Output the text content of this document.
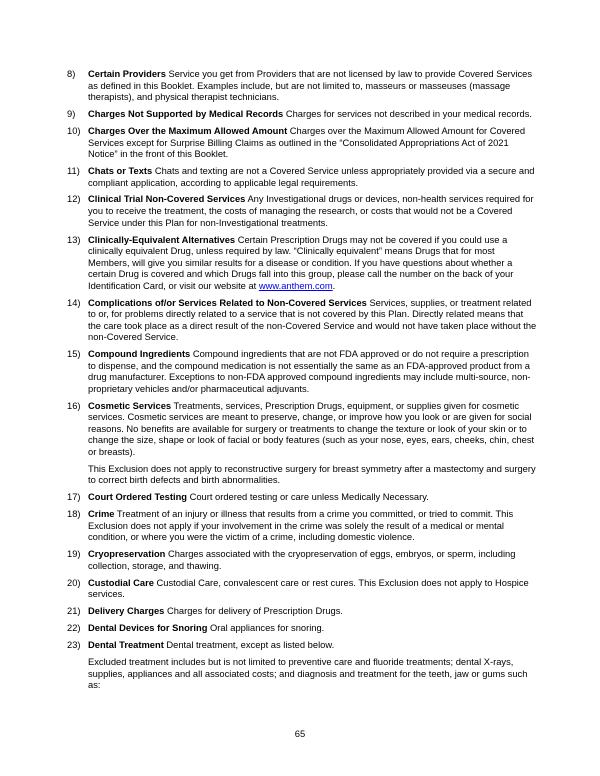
8) Certain Providers Service you get from Providers that are not licensed by law to provide Covered Services as defined in this Booklet. Examples include, but are not limited to, masseurs or masseuses (massage therapists), and physical therapist technicians.
9) Charges Not Supported by Medical Records Charges for services not described in your medical records.
10) Charges Over the Maximum Allowed Amount Charges over the Maximum Allowed Amount for Covered Services except for Surprise Billing Claims as outlined in the “Consolidated Appropriations Act of 2021 Notice” in the front of this Booklet.
11) Chats or Texts Chats and texting are not a Covered Service unless appropriately provided via a secure and compliant application, according to applicable legal requirements.
12) Clinical Trial Non-Covered Services Any Investigational drugs or devices, non-health services required for you to receive the treatment, the costs of managing the research, or costs that would not be a Covered Service under this Plan for non-Investigational treatments.
13) Clinically-Equivalent Alternatives Certain Prescription Drugs may not be covered if you could use a clinically equivalent Drug, unless required by law. “Clinically equivalent” means Drugs that for most Members, will give you similar results for a disease or condition. If you have questions about whether a certain Drug is covered and which Drugs fall into this group, please call the number on the back of your Identification Card, or visit our website at www.anthem.com.
14) Complications of/or Services Related to Non-Covered Services Services, supplies, or treatment related to or, for problems directly related to a service that is not covered by this Plan. Directly related means that the care took place as a direct result of the non-Covered Service and would not have taken place without the non-Covered Service.
15) Compound Ingredients Compound ingredients that are not FDA approved or do not require a prescription to dispense, and the compound medication is not essentially the same as an FDA-approved product from a drug manufacturer. Exceptions to non-FDA approved compound ingredients may include multi-source, non-proprietary vehicles and/or pharmaceutical adjuvants.
16) Cosmetic Services Treatments, services, Prescription Drugs, equipment, or supplies given for cosmetic services. Cosmetic services are meant to preserve, change, or improve how you look or are given for social reasons. No benefits are available for surgery or treatments to change the texture or look of your skin or to change the size, shape or look of facial or body features (such as your nose, eyes, ears, cheeks, chin, chest or breasts).
This Exclusion does not apply to reconstructive surgery for breast symmetry after a mastectomy and surgery to correct birth defects and birth abnormalities.
17) Court Ordered Testing Court ordered testing or care unless Medically Necessary.
18) Crime Treatment of an injury or illness that results from a crime you committed, or tried to commit. This Exclusion does not apply if your involvement in the crime was solely the result of a medical or mental condition, or where you were the victim of a crime, including domestic violence.
19) Cryopreservation Charges associated with the cryopreservation of eggs, embryos, or sperm, including collection, storage, and thawing.
20) Custodial Care Custodial Care, convalescent care or rest cures. This Exclusion does not apply to Hospice services.
21) Delivery Charges Charges for delivery of Prescription Drugs.
22) Dental Devices for Snoring Oral appliances for snoring.
23) Dental Treatment Dental treatment, except as listed below.
Excluded treatment includes but is not limited to preventive care and fluoride treatments; dental X-rays, supplies, appliances and all associated costs; and diagnosis and treatment for the teeth, jaw or gums such as:
65
